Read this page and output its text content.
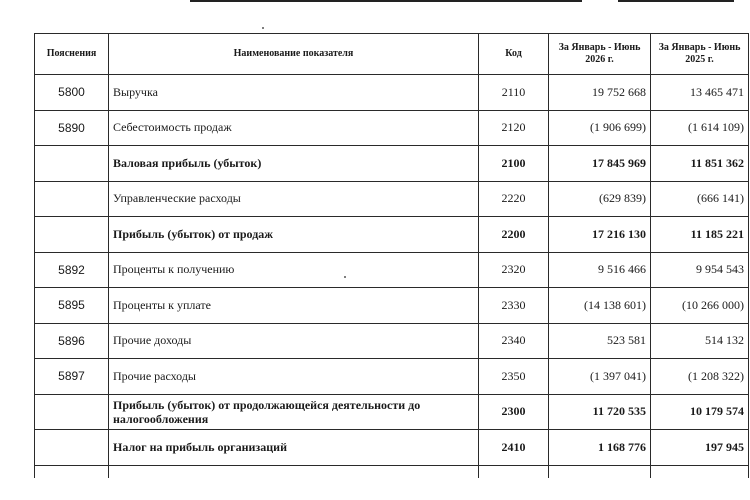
Пояснения	Наименование показателя	Код	За Январь - Июнь 2026 г.	За Январь - Июнь 2025 г.
5800	Выручка	2110	19 752 668	13 465 471
5890	Себестоимость продаж	2120	(1 906 699)	(1 614 109)
	Валовая прибыль (убыток)	2100	17 845 969	11 851 362
	Управленческие расходы	2220	(629 839)	(666 141)
	Прибыль (убыток) от продаж	2200	17 216 130	11 185 221
5892	Проценты к получению	2320	9 516 466	9 954 543
5895	Проценты к уплате	2330	(14 138 601)	(10 266 000)
5896	Прочие доходы	2340	523 581	514 132
5897	Прочие расходы	2350	(1 397 041)	(1 208 322)
	Прибыль (убыток) от продолжающейся деятельности до налогообложения	2300	11 720 535	10 179 574
	Налог на прибыль организаций	2410	1 168 776	197 945
